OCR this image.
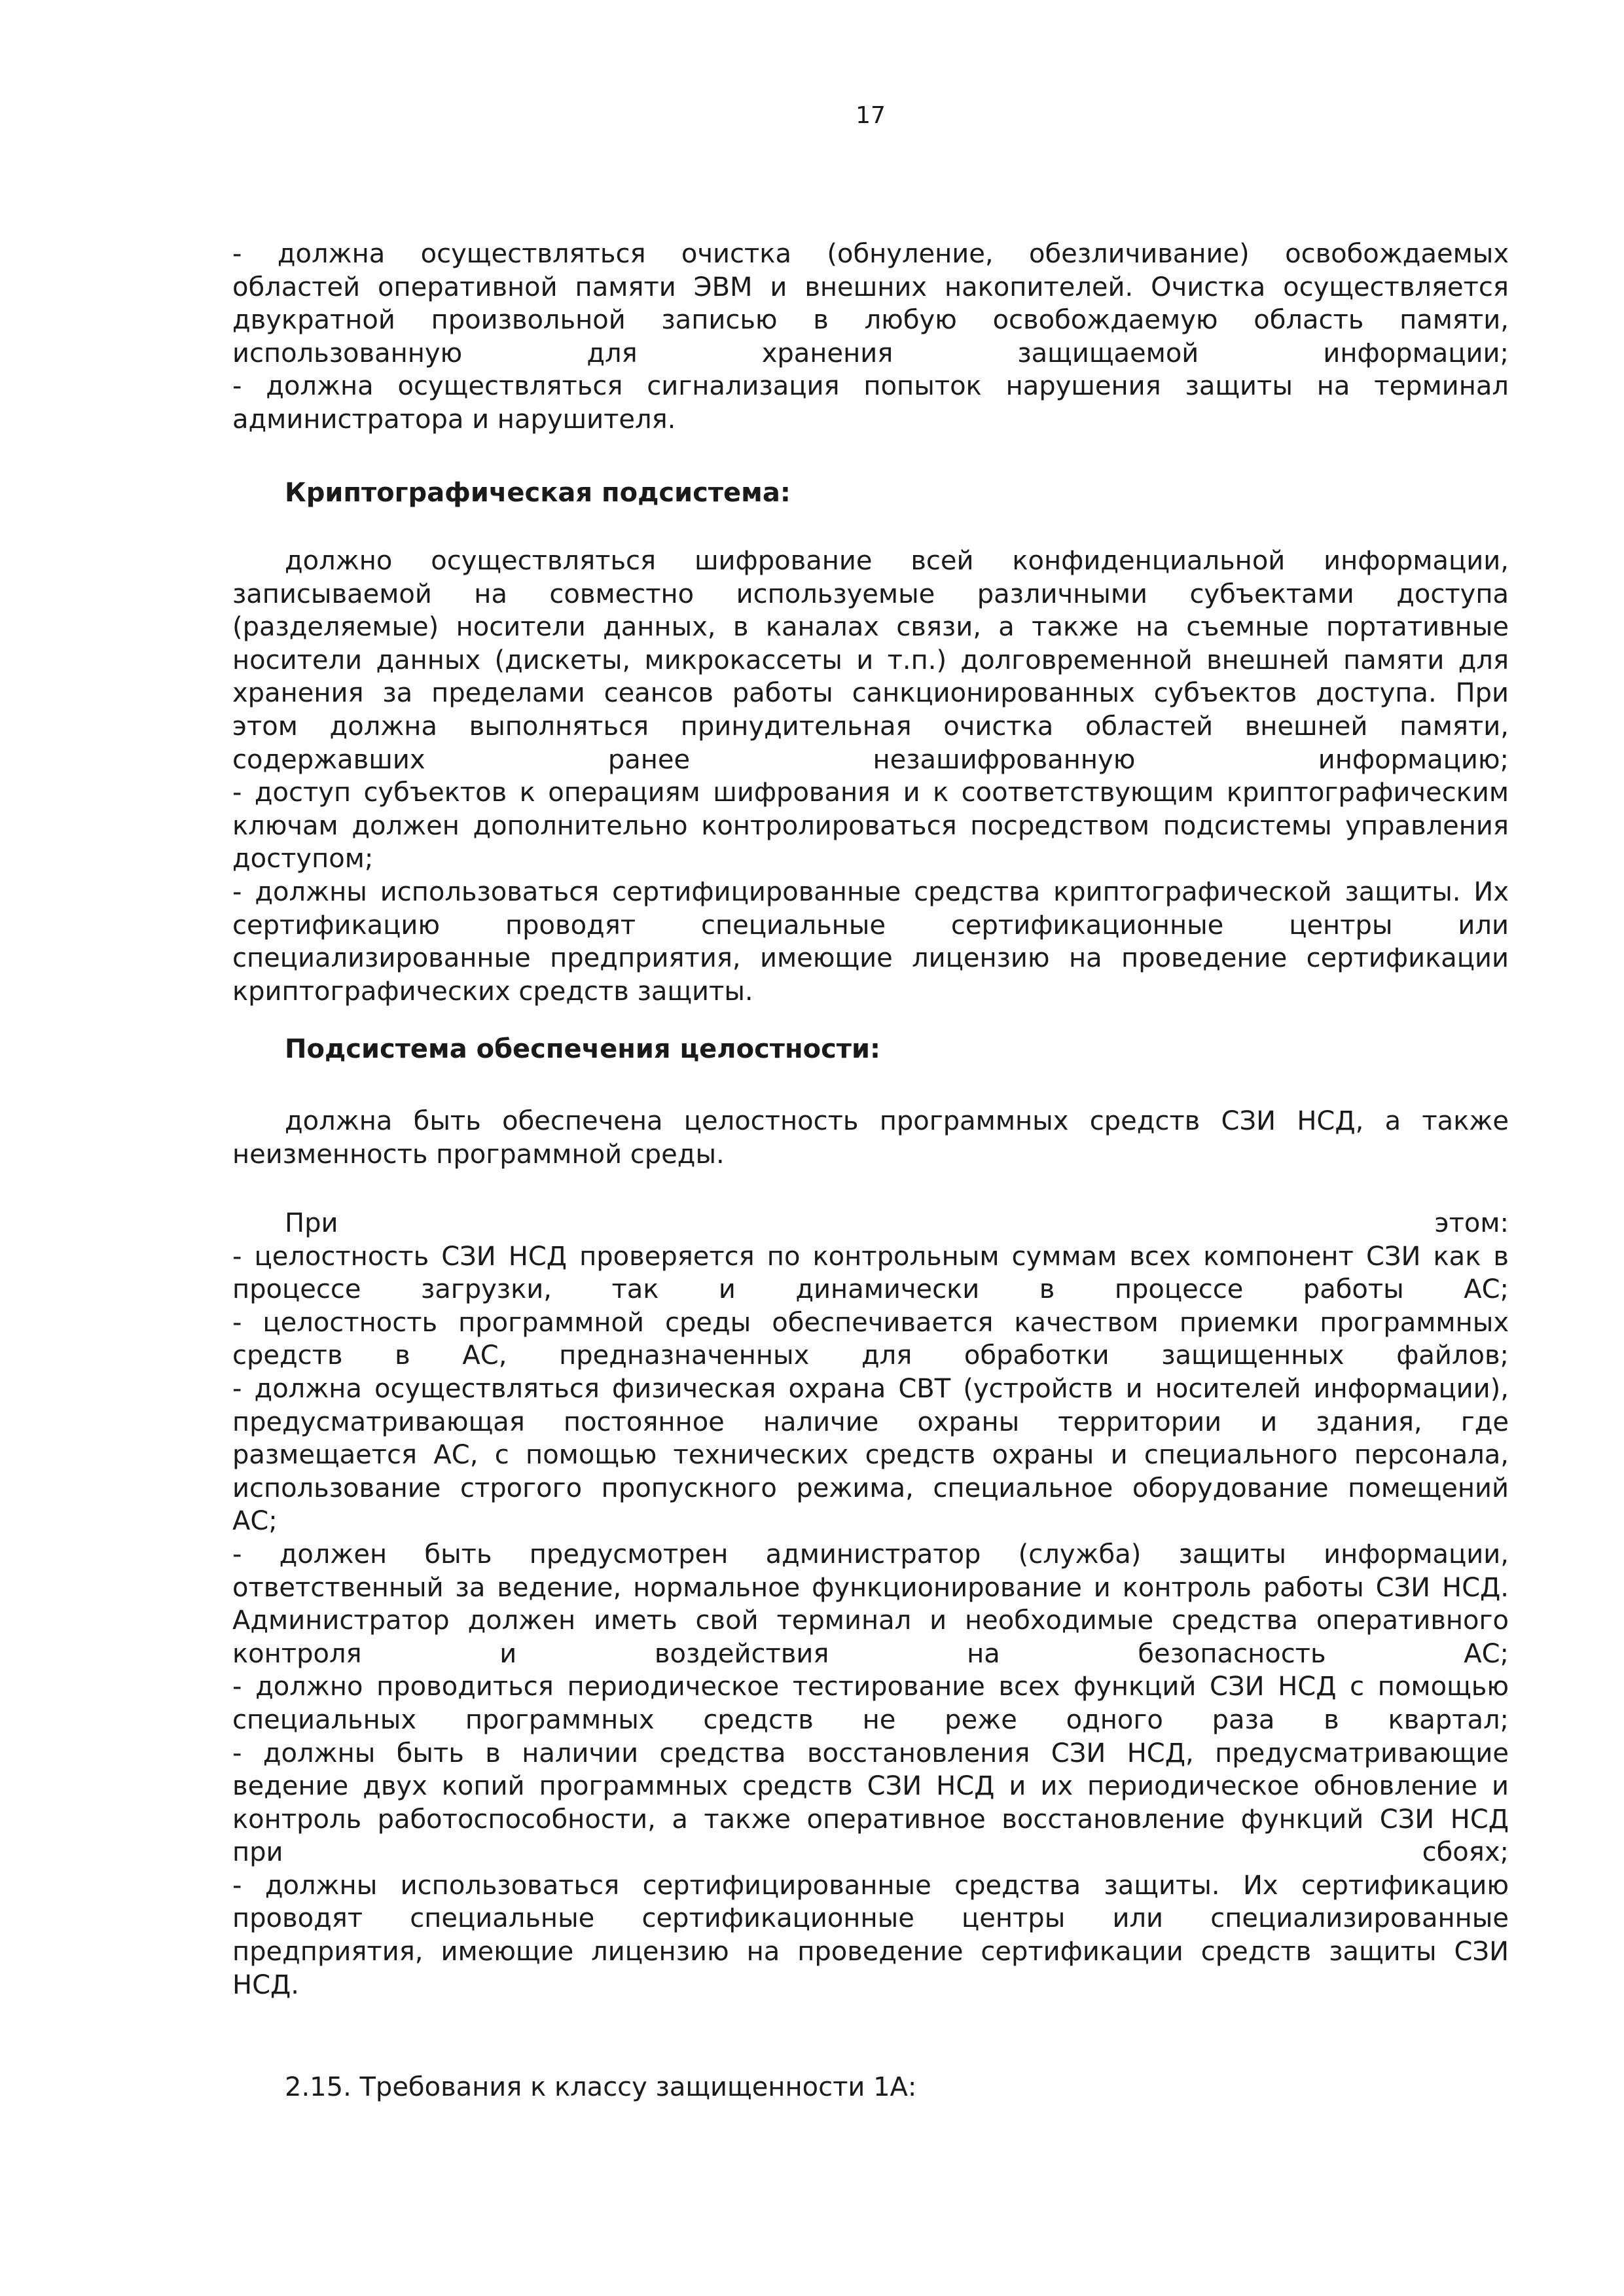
17
- должна осуществляться очистка (обнуление, обезличивание) освобождаемых
областей оперативной памяти ЭВМ и внешних накопителей. Очистка осуществляется
двукратной произвольной записью в любую освобождаемую область памяти,
использованную для хранения защищаемой информации;
- должна осуществляться сигнализация попыток нарушения защиты на терминал
администратора и нарушителя.
Криптографическая подсистема:
должно осуществляться шифрование всей конфиденциальной информации,
записываемой на совместно используемые различными субъектами доступа
(разделяемые) носители данных, в каналах связи, а также на съемные портативные
носители данных (дискеты, микрокассеты и т.п.) долговременной внешней памяти для
хранения за пределами сеансов работы санкционированных субъектов доступа. При
этом должна выполняться принудительная очистка областей внешней памяти,
содержавших ранее незашифрованную информацию;
- доступ субъектов к операциям шифрования и к соответствующим криптографическим
ключам должен дополнительно контролироваться посредством подсистемы управления
доступом;
- должны использоваться сертифицированные средства криптографической защиты. Их
сертификацию проводят специальные сертификационные центры или
специализированные предприятия, имеющие лицензию на проведение сертификации
криптографических средств защиты.
Подсистема обеспечения целостности:
должна быть обеспечена целостность программных средств СЗИ НСД, а также
неизменность программной среды.
При этом:
- целостность СЗИ НСД проверяется по контрольным суммам всех компонент СЗИ как в
процессе загрузки, так и динамически в процессе работы АС;
- целостность программной среды обеспечивается качеством приемки программных
средств в АС, предназначенных для обработки защищенных файлов;
- должна осуществляться физическая охрана СВТ (устройств и носителей информации),
предусматривающая постоянное наличие охраны территории и здания, где
размещается АС, с помощью технических средств охраны и специального персонала,
использование строгого пропускного режима, специальное оборудование помещений
АС;
- должен быть предусмотрен администратор (служба) защиты информации,
ответственный за ведение, нормальное функционирование и контроль работы СЗИ НСД.
Администратор должен иметь свой терминал и необходимые средства оперативного
контроля и воздействия на безопасность АС;
- должно проводиться периодическое тестирование всех функций СЗИ НСД с помощью
специальных программных средств не реже одного раза в квартал;
- должны быть в наличии средства восстановления СЗИ НСД, предусматривающие
ведение двух копий программных средств СЗИ НСД и их периодическое обновление и
контроль работоспособности, а также оперативное восстановление функций СЗИ НСД
при сбоях;
- должны использоваться сертифицированные средства защиты. Их сертификацию
проводят специальные сертификационные центры или специализированные
предприятия, имеющие лицензию на проведение сертификации средств защиты СЗИ
НСД.
2.15. Требования к классу защищенности 1А:
